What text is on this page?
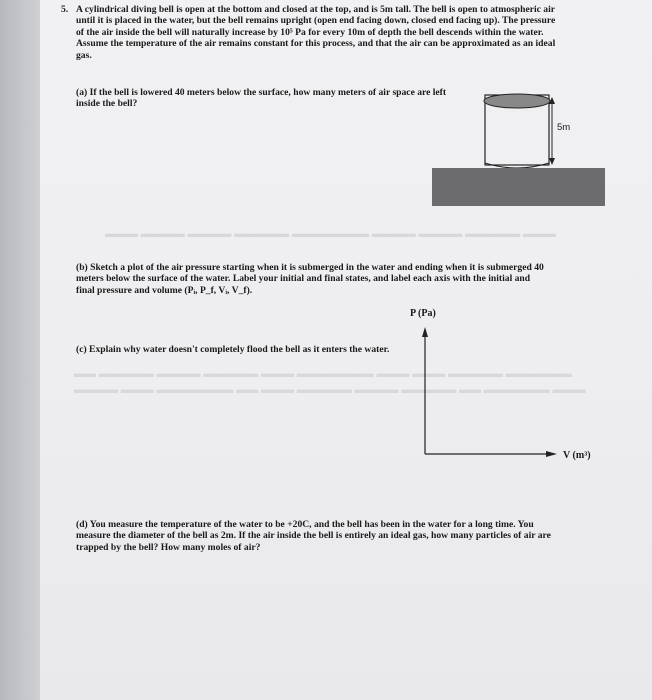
5. A cylindrical diving bell is open at the bottom and closed at the top, and is 5m tall. The bell is open to atmospheric air until it is placed in the water, but the bell remains upright (open end facing down, closed end facing up). The pressure of the air inside the bell will naturally increase by 10⁵ Pa for every 10m of depth the bell descends within the water. Assume the temperature of the air remains constant for this process, and that the air can be approximated as an ideal gas.
(a) If the bell is lowered 40 meters below the surface, how many meters of air space are left inside the bell?
▬▬▬ ▬▬▬▬ ▬▬▬▬ ▬▬▬▬▬ ▬▬▬▬▬▬▬ ▬▬▬▬ ▬▬▬▬ ▬▬▬▬▬ ▬▬▬
(b) Sketch a plot of the air pressure starting when it is submerged in the water and ending when it is submerged 40 meters below the surface of the water. Label your initial and final states, and label each axis with the initial and final pressure and volume (Pᵢ, P_f, Vᵢ, V_f).
(c) Explain why water doesn't completely flood the bell as it enters the water.
▬▬ ▬▬▬▬▬ ▬▬▬▬ ▬▬▬▬▬ ▬▬▬ ▬▬▬▬▬▬▬ ▬▬▬ ▬▬▬ ▬▬▬▬▬ ▬▬▬▬▬▬
▬▬▬▬ ▬▬▬ ▬▬▬▬▬▬▬ ▬▬ ▬▬▬ ▬▬▬▬▬ ▬▬▬▬ ▬▬▬▬▬ ▬▬ ▬▬▬▬▬▬ ▬▬▬
(d) You measure the temperature of the water to be +20C, and the bell has been in the water for a long time. You measure the diameter of the bell as 2m. If the air inside the bell is entirely an ideal gas, how many particles of air are trapped by the bell? How many moles of air?
5m
P (Pa)
V (m³)
